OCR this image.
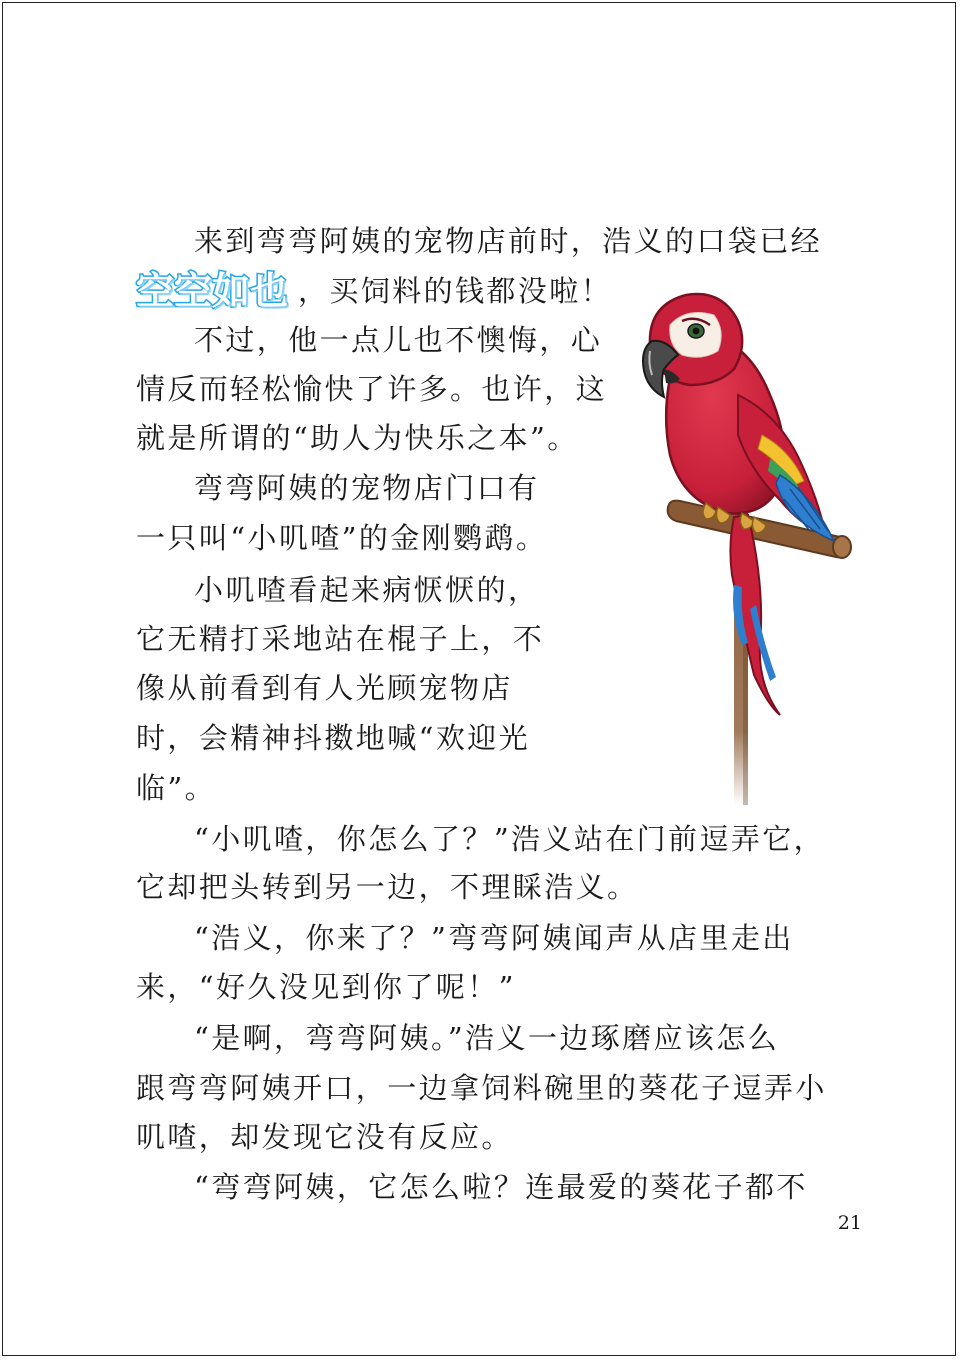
来到弯弯阿姨的宠物店前时，浩义的口袋已经
空空如也 ，买饲料的钱都没啦！
不过，他一点儿也不懊悔，心
情反而轻松愉快了许多。也许，这
就是所谓的“助人为快乐之本”。
弯弯阿姨的宠物店门口有
一只叫“小叽喳”的金刚鹦鹉。
小叽喳看起来病恹恹的，
它无精打采地站在棍子上，不
像从前看到有人光顾宠物店
时，会精神抖擞地喊“欢迎光
临”。
“小叽喳，你怎么了？”浩义站在门前逗弄它，
它却把头转到另一边，不理睬浩义。
“浩义，你来了？”弯弯阿姨闻声从店里走出
来，“好久没见到你了呢！”
“是啊，弯弯阿姨。”浩义一边琢磨应该怎么
跟弯弯阿姨开口，一边拿饲料碗里的葵花子逗弄小
叽喳，却发现它没有反应。
“弯弯阿姨，它怎么啦？连最爱的葵花子都不
21
